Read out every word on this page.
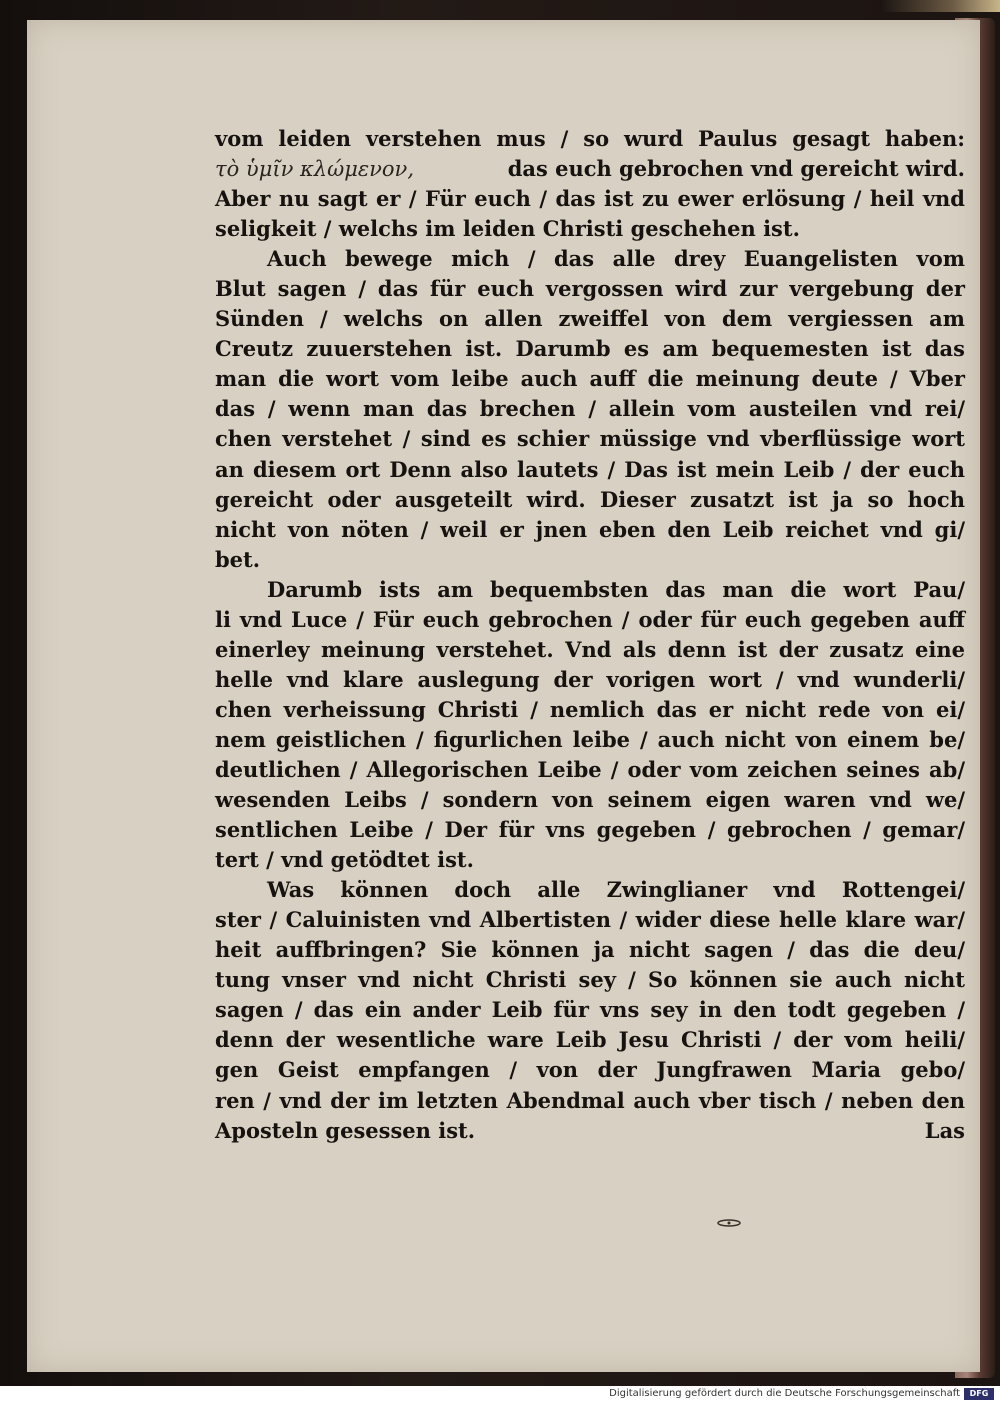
vom leiden verstehen mus / so wurd Paulus gesagt haben:
τὸ ὑμῖν κλώμενον,	das euch gebrochen vnd gereicht wird.
Aber nu sagt er / Für euch / das ist zu ewer erlösung / heil vnd
seligkeit / welchs im leiden Christi geschehen ist.
Auch bewege mich / das alle drey Euangelisten vom
Blut sagen / das für euch vergossen wird zur vergebung der
Sünden / welchs on allen zweiffel von dem vergiessen am
Creutz zuuerstehen ist. Darumb es am bequemesten ist das
man die wort vom leibe auch auff die meinung deute / Vber
das / wenn man das brechen / allein vom austeilen vnd rei/
chen verstehet / sind es schier müssige vnd vberflüssige wort
an diesem ort Denn also lautets / Das ist mein Leib / der euch
gereicht oder ausgeteilt wird. Dieser zusatzt ist ja so hoch
nicht von nöten / weil er jnen eben den Leib reichet vnd gi/
bet.
Darumb ists am bequembsten das man die wort Pau/
li vnd Luce / Für euch gebrochen / oder für euch gegeben auff
einerley meinung verstehet. Vnd als denn ist der zusatz eine
helle vnd klare auslegung der vorigen wort / vnd wunderli/
chen verheissung Christi / nemlich das er nicht rede von ei/
nem geistlichen / figurlichen leibe / auch nicht von einem be/
deutlichen / Allegorischen Leibe / oder vom zeichen seines ab/
wesenden Leibs / sondern von seinem eigen waren vnd we/
sentlichen Leibe / Der für vns gegeben / gebrochen / gemar/
tert / vnd getödtet ist.
Was können doch alle Zwinglianer vnd Rottengei/
ster / Caluinisten vnd Albertisten / wider diese helle klare war/
heit auffbringen? Sie können ja nicht sagen / das die deu/
tung vnser vnd nicht Christi sey / So können sie auch nicht
sagen / das ein ander Leib für vns sey in den todt gegeben /
denn der wesentliche ware Leib Jesu Christi / der vom heili/
gen Geist empfangen / von der Jungfrawen Maria gebo/
ren / vnd der im letzten Abendmal auch vber tisch / neben den
Aposteln gesessen ist.	Las
Digitalisierung gefördert durch die Deutsche Forschungsgemeinschaft	DFG
